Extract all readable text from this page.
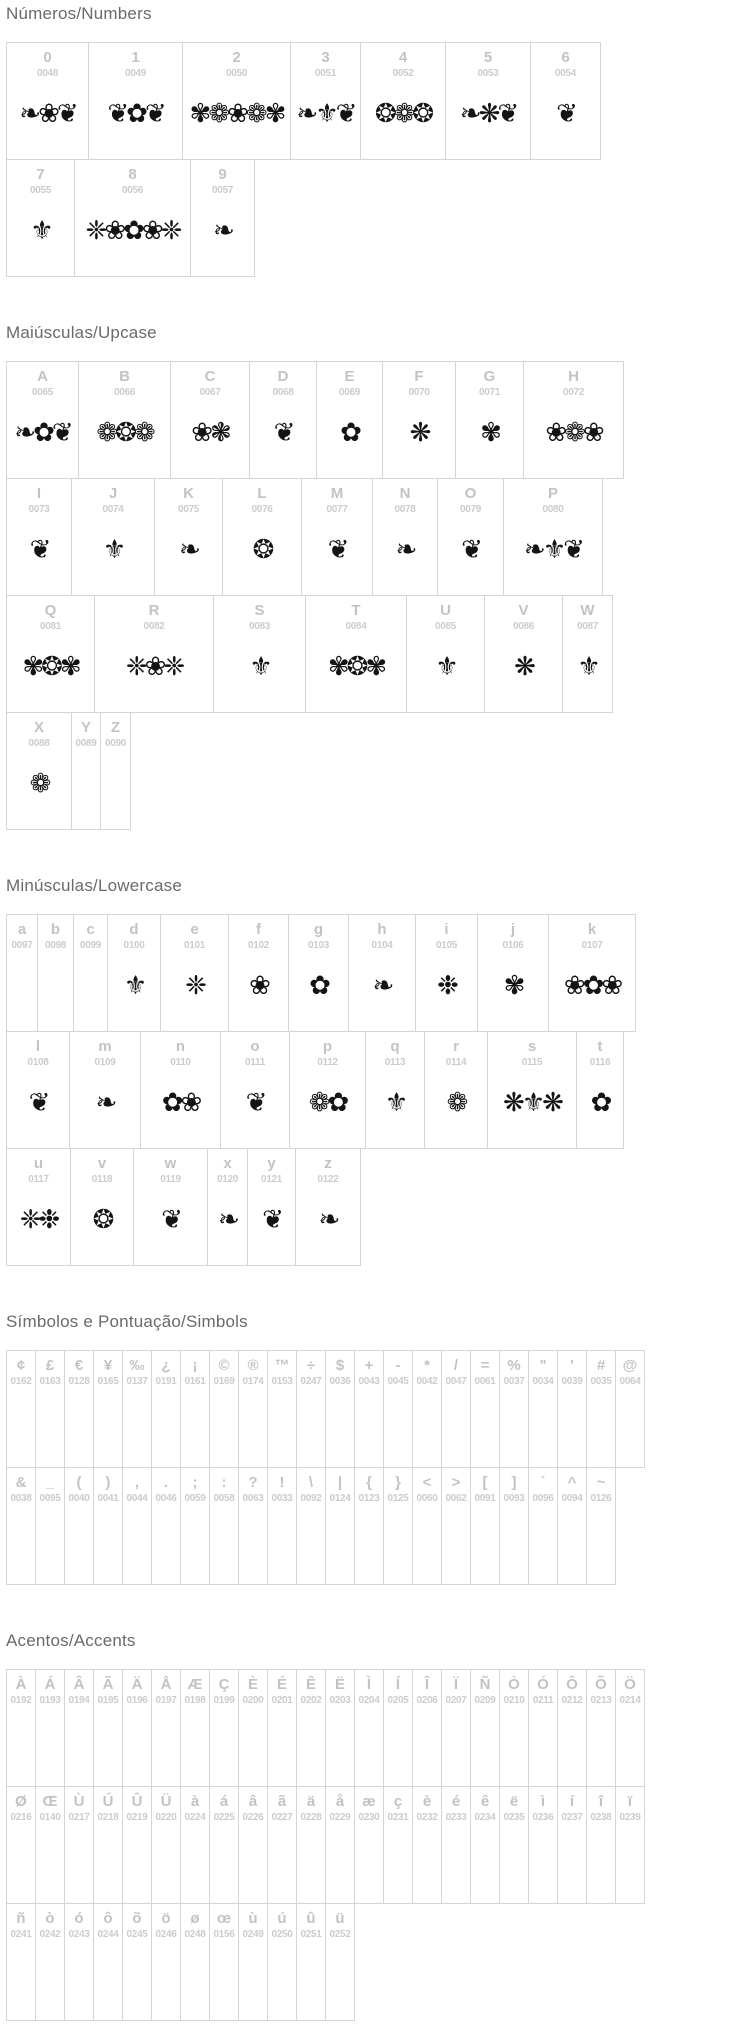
Números/Numbers
0
0048
❧❀❦
1
0049
❦✿❦
2
0050
✾❁❀❁✾
3
0051
❧⚜❦
4
0052
❂❁❂
5
0053
❧❋❦
6
0054
❦
7
0055
⚜
8
0056
❈❀✿❀❈
9
0057
❧
Maiúsculas/Upcase
A
0065
❧✿❦
B
0066
❁❂❁
C
0067
❀❃
D
0068
❦
E
0069
✿
F
0070
❋
G
0071
✾
H
0072
❀❁❀
I
0073
❦
J
0074
⚜
K
0075
❧
L
0076
❂
M
0077
❦
N
0078
❧
O
0079
❦
P
0080
❧⚜❦
Q
0081
✾❂✾
R
0082
❈❀❈
S
0083
⚜
T
0084
✾❂✾
U
0085
⚜
V
0086
❋
W
0087
⚜
X
0088
❁
Y
0089
Z
0090
Minúsculas/Lowercase
a
0097
b
0098
c
0099
d
0100
⚜
e
0101
❈
f
0102
❀
g
0103
✿
h
0104
❧
i
0105
❉
j
0106
✾
k
0107
❀✿❀
l
0108
❦
m
0109
❧
n
0110
✿❀
o
0111
❦
p
0112
❁✿
q
0113
⚜
r
0114
❁
s
0115
❋⚜❋
t
0116
✿
u
0117
❈❉
v
0118
❂
w
0119
❦
x
0120
❧
y
0121
❦
z
0122
❧
Símbolos e Pontuação/Simbols
¢
0162
£
0163
€
0128
¥
0165
‰
0137
¿
0191
¡
0161
©
0169
®
0174
™
0153
÷
0247
$
0036
+
0043
-
0045
*
0042
/
0047
=
0061
%
0037
"
0034
'
0039
#
0035
@
0064
&
0038
_
0095
(
0040
)
0041
,
0044
.
0046
;
0059
:
0058
?
0063
!
0033
\
0092
|
0124
{
0123
}
0125
<
0060
>
0062
[
0091
]
0093
`
0096
^
0094
~
0126
Acentos/Accents
À
0192
Á
0193
Â
0194
Ã
0195
Ä
0196
Å
0197
Æ
0198
Ç
0199
È
0200
É
0201
Ê
0202
Ë
0203
Ì
0204
Í
0205
Î
0206
Ï
0207
Ñ
0209
Ò
0210
Ó
0211
Ô
0212
Õ
0213
Ö
0214
Ø
0216
Œ
0140
Ù
0217
Ú
0218
Û
0219
Ü
0220
à
0224
á
0225
â
0226
ã
0227
ä
0228
å
0229
æ
0230
ç
0231
è
0232
é
0233
ê
0234
ë
0235
ì
0236
í
0237
î
0238
ï
0239
ñ
0241
ò
0242
ó
0243
ô
0244
õ
0245
ö
0246
ø
0248
œ
0156
ù
0249
ú
0250
û
0251
ü
0252
